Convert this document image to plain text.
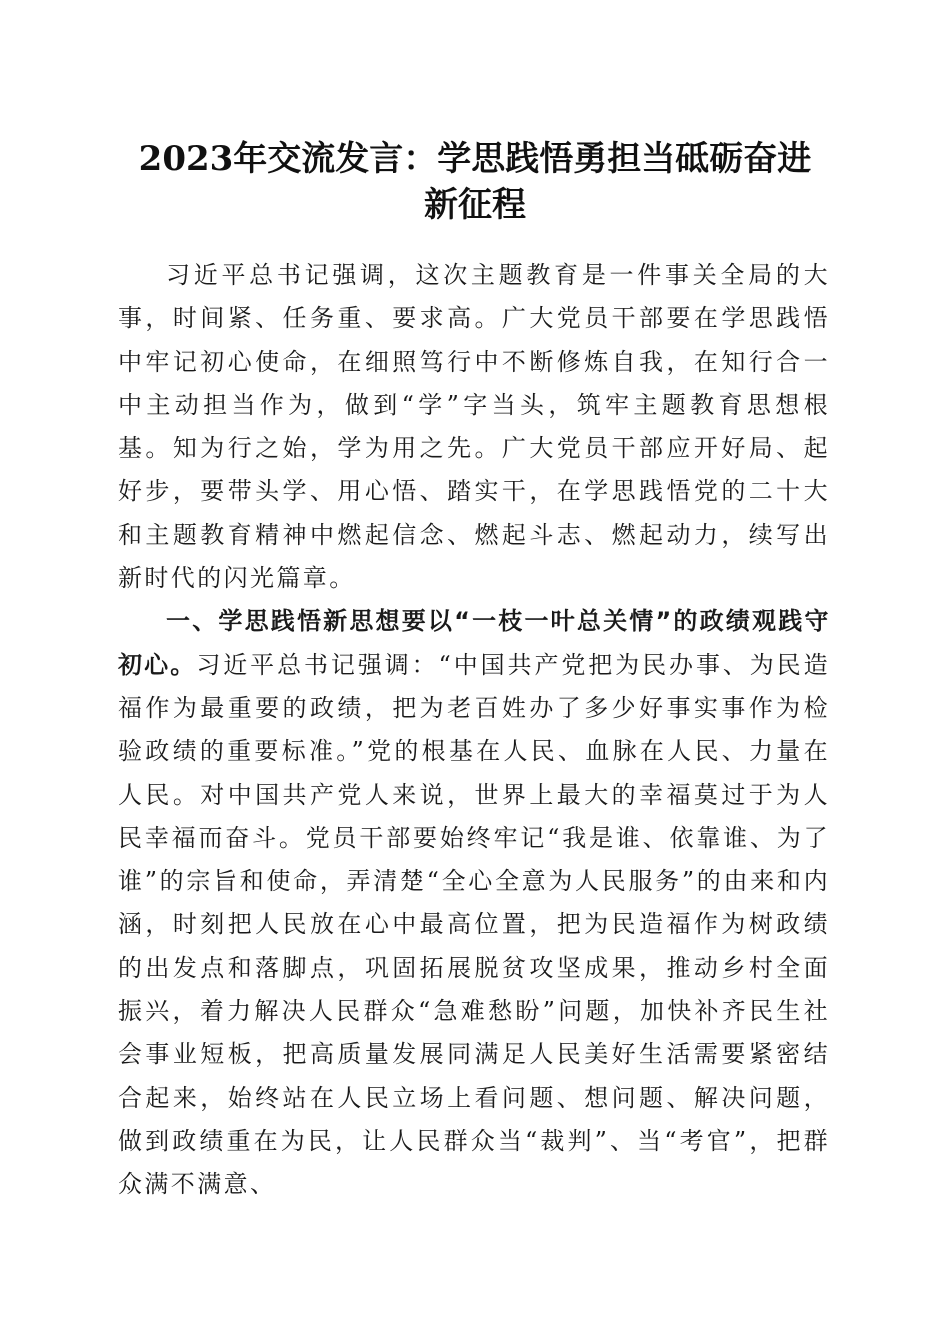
2023年交流发言：学思践悟勇担当砥砺奋进
新征程

习近平总书记强调，这次主题教育是一件事关全局的大事，时间紧、任务重、要求高。广大党员干部要在学思践悟中牢记初心使命，在细照笃行中不断修炼自我，在知行合一中主动担当作为，做到“学”字当头，筑牢主题教育思想根基。知为行之始，学为用之先。广大党员干部应开好局、起好步，要带头学、用心悟、踏实干，在学思践悟党的二十大和主题教育精神中燃起信念、燃起斗志、燃起动力，续写出新时代的闪光篇章。

一、学思践悟新思想要以“一枝一叶总关情”的政绩观践守初心。习近平总书记强调：“中国共产党把为民办事、为民造福作为最重要的政绩，把为老百姓办了多少好事实事作为检验政绩的重要标准。”党的根基在人民、血脉在人民、力量在人民。对中国共产党人来说，世界上最大的幸福莫过于为人民幸福而奋斗。党员干部要始终牢记“我是谁、依靠谁、为了谁”的宗旨和使命，弄清楚“全心全意为人民服务”的由来和内涵，时刻把人民放在心中最高位置，把为民造福作为树政绩的出发点和落脚点，巩固拓展脱贫攻坚成果，推动乡村全面振兴，着力解决人民群众“急难愁盼”问题，加快补齐民生社会事业短板，把高质量发展同满足人民美好生活需要紧密结合起来，始终站在人民立场上看问题、想问题、解决问题，做到政绩重在为民，让人民群众当“裁判”、当“考官”，把群众满不满意、
